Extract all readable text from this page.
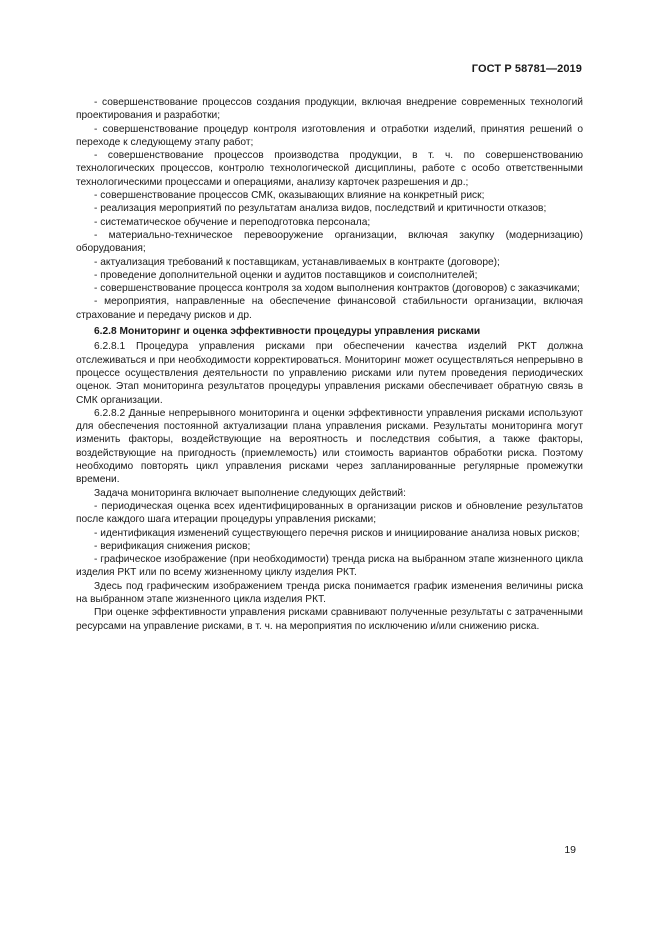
ГОСТ Р 58781—2019

- совершенствование процессов создания продукции, включая внедрение современных технологий проектирования и разработки;

- совершенствование процедур контроля изготовления и отработки изделий, принятия решений о переходе к следующему этапу работ;

- совершенствование процессов производства продукции, в т. ч. по совершенствованию технологических процессов, контролю технологической дисциплины, работе с особо ответственными технологическими процессами и операциями, анализу карточек разрешения и др.;

- совершенствование процессов СМК, оказывающих влияние на конкретный риск;

- реализация мероприятий по результатам анализа видов, последствий и критичности отказов;

- систематическое обучение и переподготовка персонала;

- материально-техническое перевооружение организации, включая закупку (модернизацию) оборудования;

- актуализация требований к поставщикам, устанавливаемых в контракте (договоре);

- проведение дополнительной оценки и аудитов поставщиков и соисполнителей;

- совершенствование процесса контроля за ходом выполнения контрактов (договоров) с заказчиками;

- мероприятия, направленные на обеспечение финансовой стабильности организации, включая страхование и передачу рисков и др.

6.2.8 Мониторинг и оценка эффективности процедуры управления рисками

6.2.8.1 Процедура управления рисками при обеспечении качества изделий РКТ должна отслеживаться и при необходимости корректироваться. Мониторинг может осуществляться непрерывно в процессе осуществления деятельности по управлению рисками или путем проведения периодических оценок. Этап мониторинга результатов процедуры управления рисками обеспечивает обратную связь в СМК организации.

6.2.8.2 Данные непрерывного мониторинга и оценки эффективности управления рисками используют для обеспечения постоянной актуализации плана управления рисками. Результаты мониторинга могут изменить факторы, воздействующие на вероятность и последствия события, а также факторы, воздействующие на пригодность (приемлемость) или стоимость вариантов обработки риска. Поэтому необходимо повторять цикл управления рисками через запланированные регулярные промежутки времени.

Задача мониторинга включает выполнение следующих действий:

- периодическая оценка всех идентифицированных в организации рисков и обновление результатов после каждого шага итерации процедуры управления рисками;

- идентификация изменений существующего перечня рисков и инициирование анализа новых рисков;

- верификация снижения рисков;

- графическое изображение (при необходимости) тренда риска на выбранном этапе жизненного цикла изделия РКТ или по всему жизненному циклу изделия РКТ.

Здесь под графическим изображением тренда риска понимается график изменения величины риска на выбранном этапе жизненного цикла изделия РКТ.

При оценке эффективности управления рисками сравнивают полученные результаты с затраченными ресурсами на управление рисками, в т. ч. на мероприятия по исключению и/или снижению риска.

19
